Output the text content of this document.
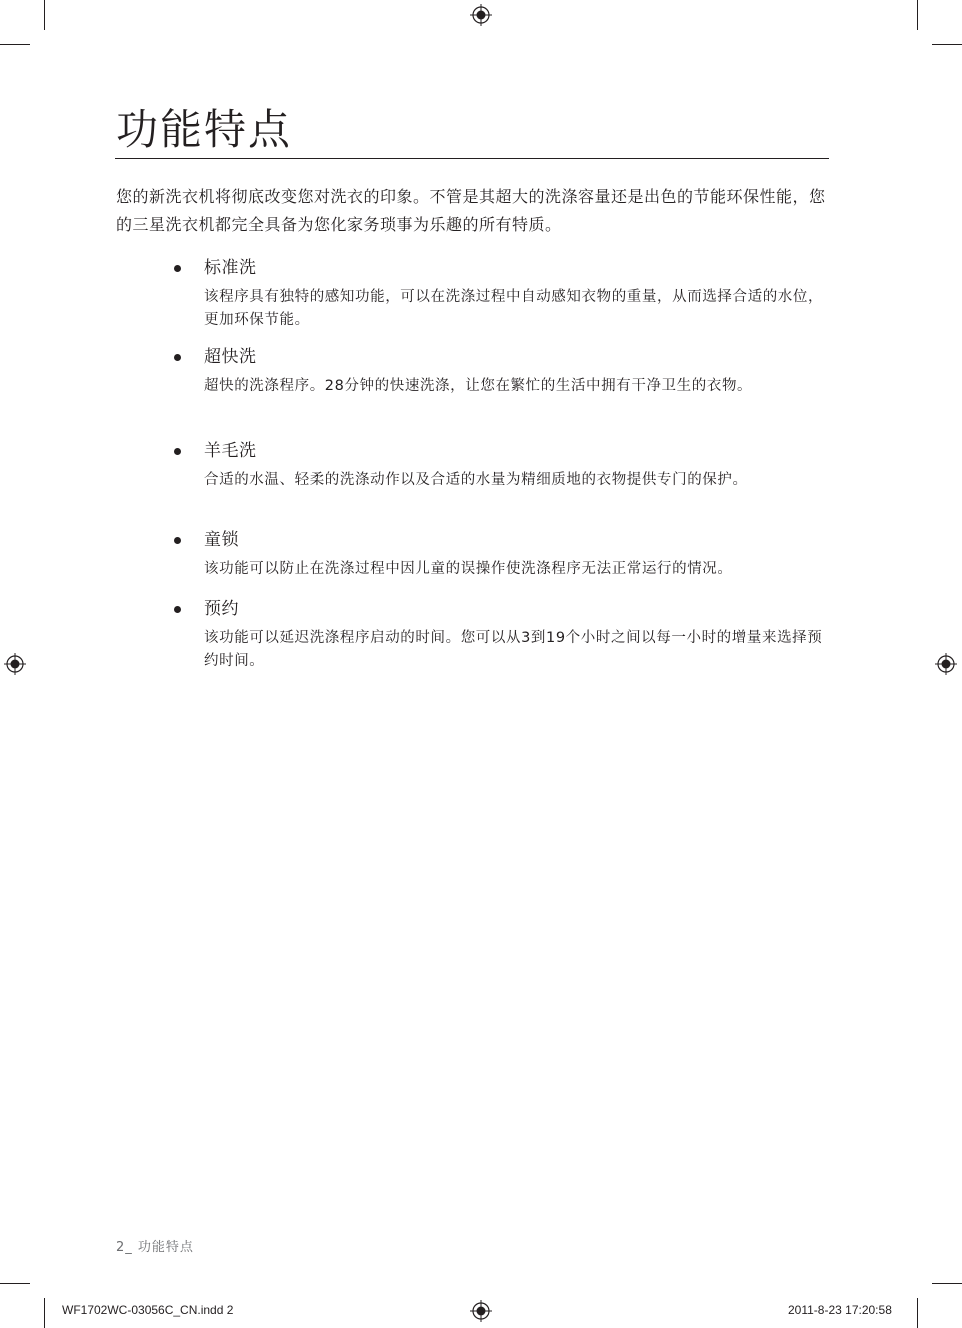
功能特点

您的新洗衣机将彻底改变您对洗衣的印象。不管是其超大的洗涤容量还是出色的节能环保性能，您的三星洗衣机都完全具备为您化家务琐事为乐趣的所有特质。

标准洗
该程序具有独特的感知功能，可以在洗涤过程中自动感知衣物的重量，从而选择合适的水位，更加环保节能。
超快洗
超快的洗涤程序。28分钟的快速洗涤，让您在繁忙的生活中拥有干净卫生的衣物。
羊毛洗
合适的水温、轻柔的洗涤动作以及合适的水量为精细质地的衣物提供专门的保护。
童锁
该功能可以防止在洗涤过程中因儿童的误操作使洗涤程序无法正常运行的情况。
预约
该功能可以延迟洗涤程序启动的时间。您可以从3到19个小时之间以每一小时的增量来选择预约时间。
2_ 功能特点
WF1702WC-03056C_CN.indd 2	2011-8-23 17:20:58
